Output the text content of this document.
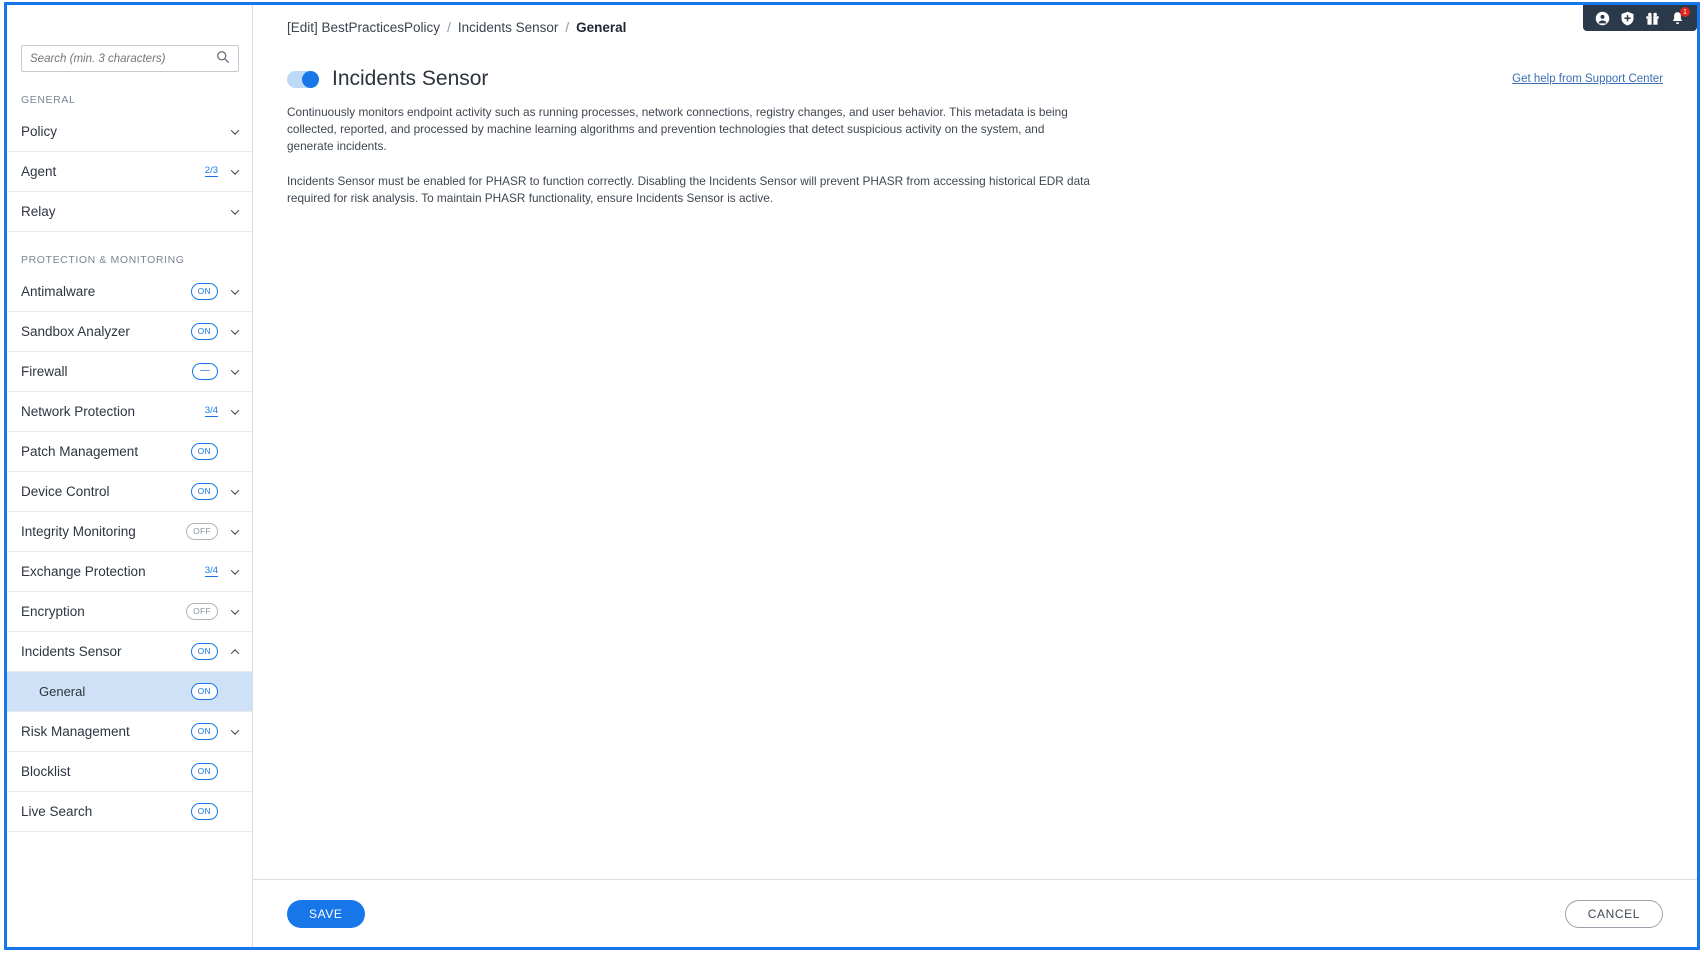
Search (min. 3 characters)
GENERAL
Policy
Agent	2/3
Relay
PROTECTION & MONITORING
Antimalware	ON
Sandbox Analyzer	ON
Firewall	—
Network Protection	3/4
Patch Management	ON
Device Control	ON
Integrity Monitoring	OFF
Exchange Protection	3/4
Encryption	OFF
Incidents Sensor	ON
General	ON
Risk Management	ON
Blocklist	ON
Live Search	ON
1
[Edit] BestPracticesPolicy / Incidents Sensor / General
Get help from Support Center
Incidents Sensor
Continuously monitors endpoint activity such as running processes, network connections, registry changes, and user behavior. This metadata is being collected, reported, and processed by machine learning algorithms and prevention technologies that detect suspicious activity on the system, and generate incidents.
Incidents Sensor must be enabled for PHASR to function correctly. Disabling the Incidents Sensor will prevent PHASR from accessing historical EDR data required for risk analysis. To maintain PHASR functionality, ensure Incidents Sensor is active.
SAVE	CANCEL
